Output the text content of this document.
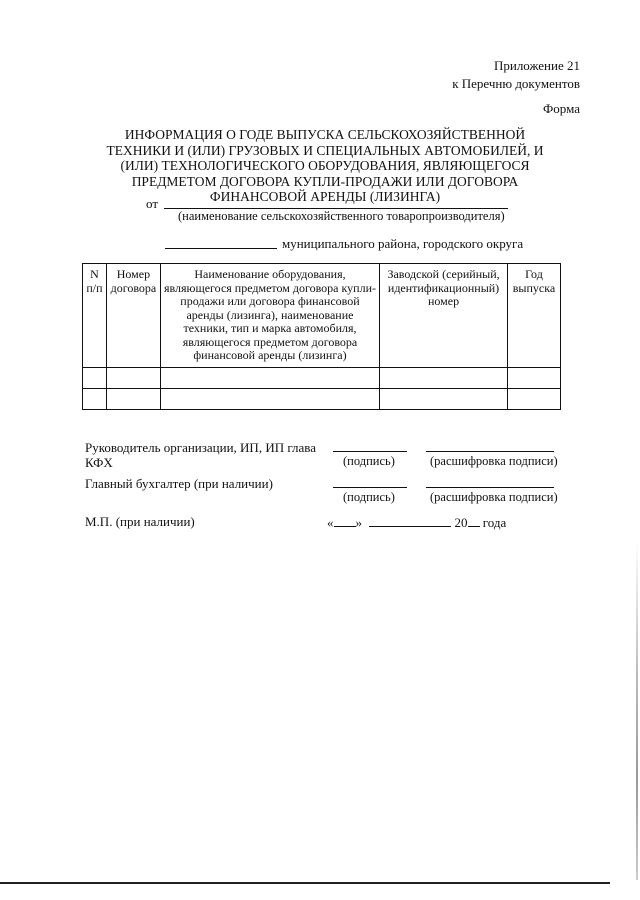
Приложение 21
к Перечню документов
Форма
ИНФОРМАЦИЯ О ГОДЕ ВЫПУСКА СЕЛЬСКОХОЗЯЙСТВЕННОЙ ТЕХНИКИ И (ИЛИ) ГРУЗОВЫХ И СПЕЦИАЛЬНЫХ АВТОМОБИЛЕЙ, И (ИЛИ) ТЕХНОЛОГИЧЕСКОГО ОБОРУДОВАНИЯ, ЯВЛЯЮЩЕГОСЯ ПРЕДМЕТОМ ДОГОВОРА КУПЛИ-ПРОДАЖИ ИЛИ ДОГОВОРА ФИНАНСОВОЙ АРЕНДЫ (ЛИЗИНГА)
от
(наименование сельскохозяйственного товаропроизводителя)
муниципального района, городского округа
N п/п	Номер договора	Наименование оборудования, являющегося предметом договора купли-продажи или договора финансовой аренды (лизинга), наименование техники, тип и марка автомобиля, являющегося предметом договора финансовой аренды (лизинга)	Заводской (серийный, идентификационный) номер	Год выпуска

Руководитель организации, ИП, ИП глава
КФХ	(подпись)	(расшифровка подписи)
Главный бухгалтер (при наличии)
(подпись)	(расшифровка подписи)
М.П. (при наличии)	« »	20 года
